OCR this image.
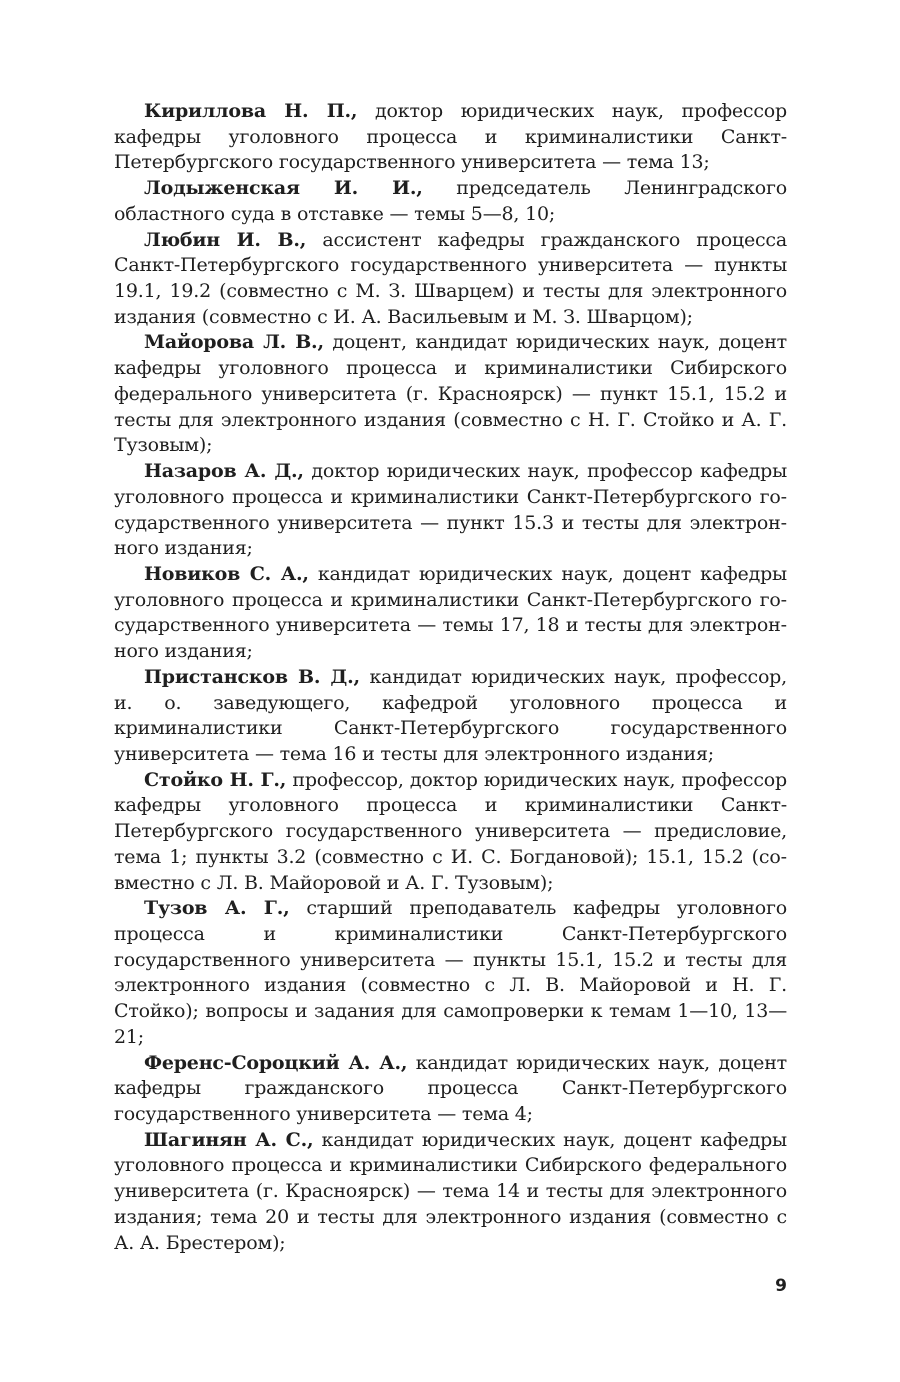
Кириллова Н. П., доктор юридических наук, профессор кафедры уголовного процесса и криминалистики Санкт-Петербургского государственного университета — тема 13;

Лодыженская И. И., председатель Ленинградского областного суда в отставке — темы 5—8, 10;

Любин И. В., ассистент кафедры гражданского процесса Санкт-Петербургского государственного университета — пункты 19.1, 19.2 (совместно с М. З. Шварцем) и тесты для электронного издания (совместно с И. А. Васильевым и М. З. Шварцом);

Майорова Л. В., доцент, кандидат юридических наук, доцент кафедры уголовного процесса и криминалистики Сибирского федерального университета (г. Красноярск) — пункт 15.1, 15.2 и тесты для электронного издания (совместно с Н. Г. Стойко и А. Г. Тузовым);

Назаров А. Д., доктор юридических наук, профессор кафедры уголовного процесса и криминалистики Санкт-Петербургского государственного университета — пункт 15.3 и тесты для электронного издания;

Новиков С. А., кандидат юридических наук, доцент кафедры уголовного процесса и криминалистики Санкт-Петербургского государственного университета — темы 17, 18 и тесты для электронного издания;

Пристансков В. Д., кандидат юридических наук, профессор, и. о. заведующего, кафедрой уголовного процесса и криминалистики Санкт-Петербургского государственного университета — тема 16 и тесты для электронного издания;

Стойко Н. Г., профессор, доктор юридических наук, профессор кафедры уголовного процесса и криминалистики Санкт-Петербургского государственного университета — предисловие, тема 1; пункты 3.2 (совместно с И. С. Богдановой); 15.1, 15.2 (совместно с Л. В. Майоровой и А. Г. Тузовым);

Тузов А. Г., старший преподаватель кафедры уголовного процесса и криминалистики Санкт-Петербургского государственного университета — пункты 15.1, 15.2 и тесты для электронного издания (совместно с Л. В. Майоровой и Н. Г. Стойко); вопросы и задания для самопроверки к темам 1—10, 13—21;

Ференс-Сороцкий А. А., кандидат юридических наук, доцент кафедры гражданского процесса Санкт-Петербургского государственного университета — тема 4;

Шагинян А. С., кандидат юридических наук, доцент кафедры уголовного процесса и криминалистики Сибирского федерального университета (г. Красноярск) — тема 14 и тесты для электронного издания; тема 20 и тесты для электронного издания (совместно с А. А. Брестером);

9
